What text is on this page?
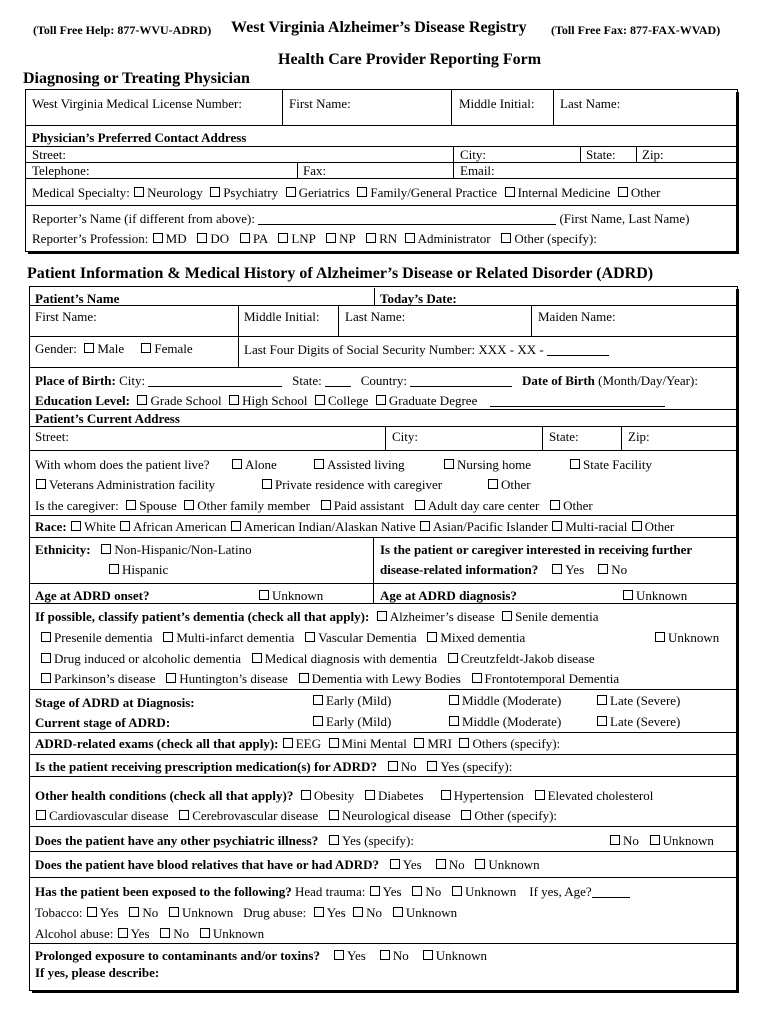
(Toll Free Help: 877-WVU-ADRD) West Virginia Alzheimer’s Disease Registry (Toll Free Fax: 877-FAX-WVAD)
Health Care Provider Reporting Form
Diagnosing or Treating Physician
West Virginia Medical License Number:	First Name:	Middle Initial: Last Name:
Physician’s Preferred Contact Address
Street:	City:	State: Zip:
Telephone:	Fax:	Email:
Medical Specialty: Neurology Psychiatry Geriatrics Family/General Practice Internal Medicine Other
Reporter’s Name (if different from above):	(First Name, Last Name)
Reporter’s Profession: MD DO PA LNP NP RN Administrator Other (specify):
Patient Information & Medical History of Alzheimer’s Disease or Related Disorder (ADRD)
Patient’s Name	Today’s Date:
First Name:	Middle Initial: Last Name:	Maiden Name:
Gender: Male Female	Last Four Digits of Social Security Number: XXX - XX -
Place of Birth: City:	State:	Country:	Date of Birth (Month/Day/Year):
Education Level: Grade School High School College Graduate Degree
Patient’s Current Address
Street:	City:	State:	Zip:
With whom does the patient live?	Alone	Assisted living	Nursing home	State Facility
Veterans Administration facility	Private residence with caregiver	Other
Is the caregiver: Spouse Other family member Paid assistant Adult day care center Other
Race: White African American American Indian/Alaskan Native Asian/Pacific Islander Multi-racial Other
Ethnicity: Non-Hispanic/Non-Latino
Hispanic
Is the patient or caregiver interested in receiving further
disease-related information? Yes No
Age at ADRD onset?	Unknown	Age at ADRD diagnosis?	Unknown
If possible, classify patient’s dementia (check all that apply): Alzheimer’s disease Senile dementia
Presenile dementia Multi-infarct dementia Vascular Dementia Mixed dementia	Unknown
Drug induced or alcoholic dementia Medical diagnosis with dementia Creutzfeldt-Jakob disease
Parkinson’s disease Huntington’s disease Dementia with Lewy Bodies Frontotemporal Dementia
Stage of ADRD at Diagnosis:	Early (Mild)	Middle (Moderate)	Late (Severe)
Current stage of ADRD:	Early (Mild)	Middle (Moderate)	Late (Severe)
ADRD-related exams (check all that apply): EEG Mini Mental MRI Others (specify):
Is the patient receiving prescription medication(s) for ADRD? No Yes (specify):
Other health conditions (check all that apply)? Obesity Diabetes Hypertension Elevated cholesterol
Cardiovascular disease Cerebrovascular disease Neurological disease Other (specify):
Does the patient have any other psychiatric illness? Yes (specify):	No Unknown
Does the patient have blood relatives that have or had ADRD? Yes No Unknown
Has the patient been exposed to the following? Head trauma: Yes No Unknown If yes, Age?
Tobacco: Yes No Unknown Drug abuse: Yes No Unknown
Alcohol abuse: Yes No Unknown
Prolonged exposure to contaminants and/or toxins? Yes No Unknown
If yes, please describe:
